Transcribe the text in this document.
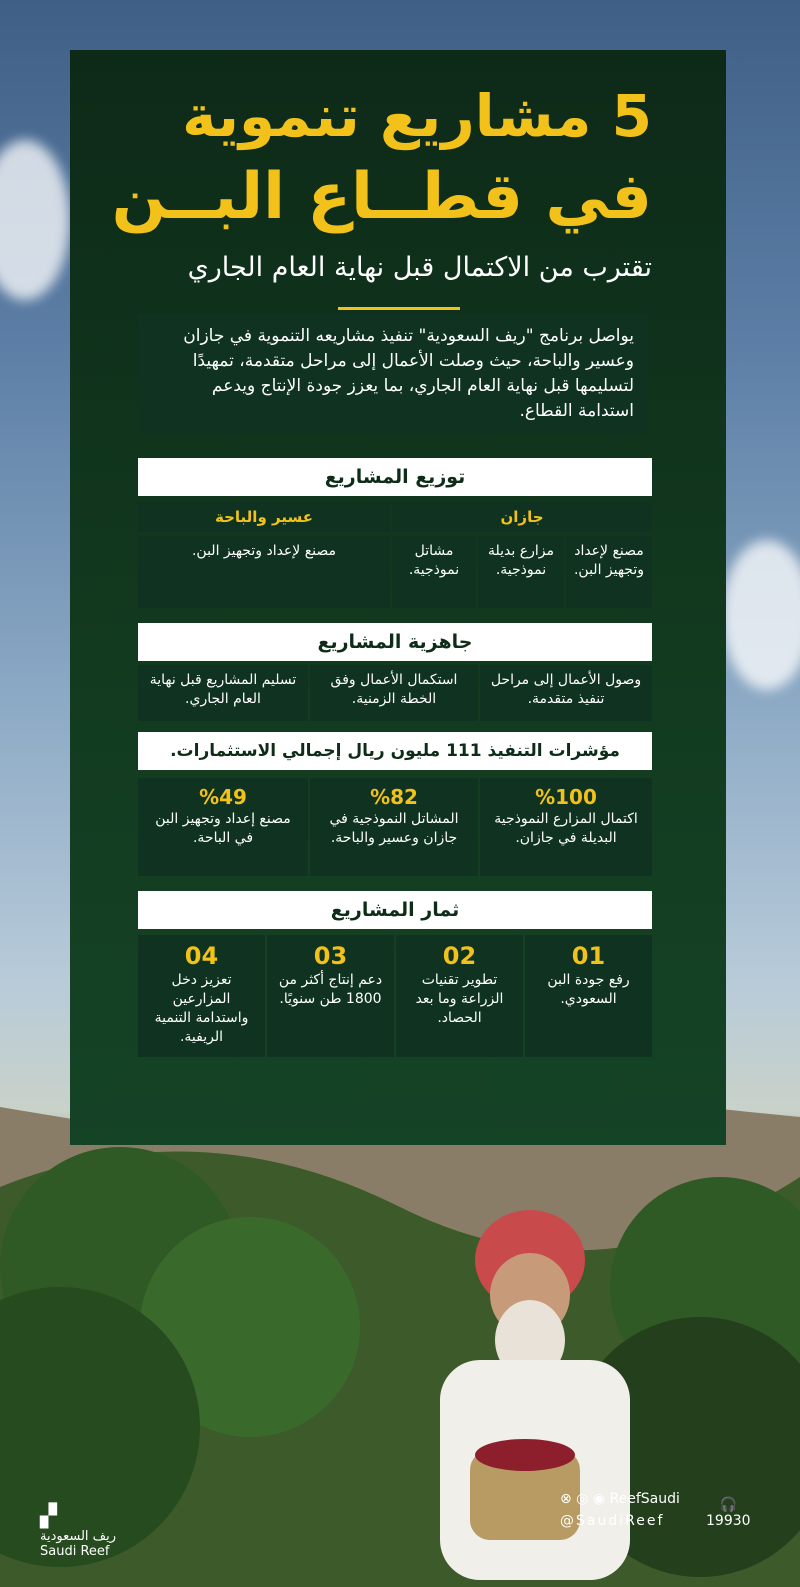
5 مشاريع تنموية
في قطــاع البــن
تقترب من الاكتمال قبل نهاية العام الجاري
يواصل برنامج "ريف السعودية" تنفيذ مشاريعه التنموية في جازان وعسير والباحة، حيث وصلت الأعمال إلى مراحل متقدمة، تمهيدًا لتسليمها قبل نهاية العام الجاري، بما يعزز جودة الإنتاج ويدعم استدامة القطاع.
توزيع المشاريع
جازان
عسير والباحة
مصنع لإعداد وتجهيز البن.
مزارع بديلة نموذجية.
مشاتل نموذجية.
مصنع لإعداد وتجهيز البن.
جاهزية المشاريع
وصول الأعمال إلى مراحل تنفيذ متقدمة.
استكمال الأعمال وفق الخطة الزمنية.
تسليم المشاريع قبل نهاية العام الجاري.
مؤشرات التنفيذ 111 مليون ريال إجمالي الاستثمارات.
%100
اكتمال المزارع النموذجية البديلة في جازان.
%82
المشاتل النموذجية في جازان وعسير والباحة.
%49
مصنع إعداد وتجهيز البن في الباحة.
ثمار المشاريع
01
رفع جودة البن السعودي.
02
تطوير تقنيات الزراعة وما بعد الحصاد.
03
دعم إنتاج أكثر من 1800 طن سنويًا.
04
تعزيز دخل المزارعين واستدامة التنمية الريفية.
▞
ريف السعودية
Saudi Reef
⊗ ◎ ◉ ReefSaudi
@SaudiReef
🎧
19930
